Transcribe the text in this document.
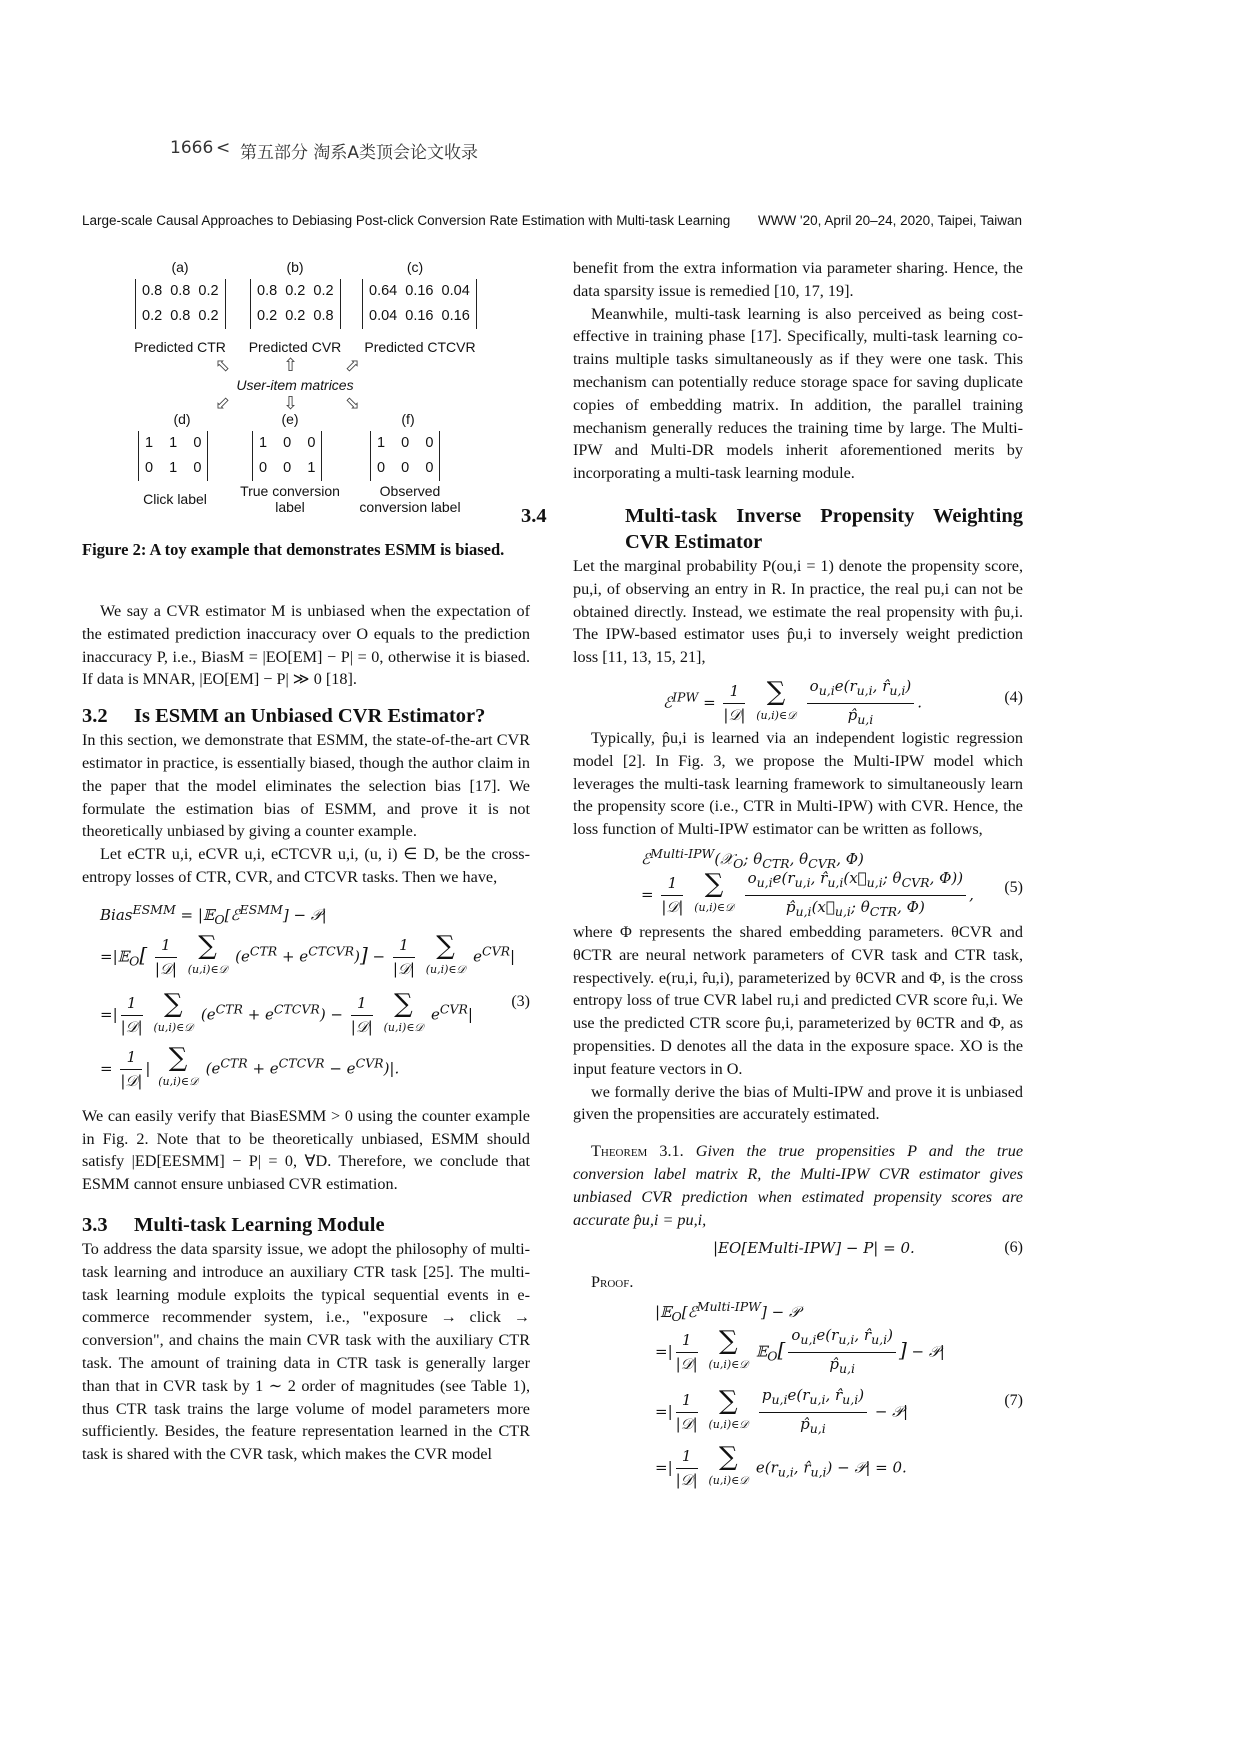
1666 < 第五部分 淘系A类顶会论文收录
Large-scale Causal Approaches to Debiasing Post-click Conversion Rate Estimation with Multi-task Learning WWW '20, April 20–24, 2020, Taipei, Taiwan
(a)	(b)	(c)
0.8  0.8  0.2
0.2  0.8  0.2
0.8  0.2  0.2
0.2  0.2  0.8
0.64  0.16  0.04
0.04  0.16  0.16
Predicted CTR	Predicted CVR	Predicted CTCVR
⬁	⇧	⬀
User-item matrices
⬃	⇩	⬂
(d)	(e)	(f)
1    1    0
0    1    0
1    0    0
0    0    1
1    0    0
0    0    0
Click label	True conversion label
Observed conversion label
Figure 2: A toy example that demonstrates ESMM is biased.

We say a CVR estimator M is unbiased when the expectation of the estimated prediction inaccuracy over O equals to the prediction inaccuracy P, i.e., BiasM = |EO[EM] − P| = 0, otherwise it is biased. If data is MNAR, |EO[EM] − P| ≫ 0 [18].

3.2 Is ESMM an Unbiased CVR Estimator?

In this section, we demonstrate that ESMM, the state-of-the-art CVR estimator in practice, is essentially biased, though the author claim in the paper that the model eliminates the selection bias [17]. We formulate the estimation bias of ESMM, and prove it is not theoretically unbiased by giving a counter example.

Let eCTR u,i, eCVR u,i, eCTCVR u,i, (u, i) ∈ D, be the cross-entropy losses of CTR, CVR, and CTCVR tasks. Then we have,

Bias$^{ESMM}$ = |𝔼$_O$[ℰ$^{ESMM}$] − 𝒫|
=|𝔼$_O$[ $\frac{1}{\text{|𝒟|}}$
∑
(u,i)∈𝒟
$(e^{CTR} + e^{CTCVR})] - \frac{1}{\text{|𝒟|}}$
∑
(u,i)∈𝒟
$e^{CVR}|$
=| $\frac{1}{\text{|𝒟|}}$
∑
(u,i)∈𝒟
$(e^{CTR} + e^{CTCVR}) - \frac{1}{\text{|𝒟|}}$
∑
(u,i)∈𝒟
$e^{CVR}|$
= $\frac{1}{\text{|𝒟|}}$ | ∑
(u,i)∈𝒟
$(e^{CTR} + e^{CTCVR} - e^{CVR})|$.
(3)

We can easily verify that BiasESMM > 0 using the counter example in Fig. 2. Note that to be theoretically unbiased, ESMM should satisfy |ED[EESMM] − P| = 0, ∀D. Therefore, we conclude that ESMM cannot ensure unbiased CVR estimation.

3.3 Multi-task Learning Module

To address the data sparsity issue, we adopt the philosophy of multi-task learning and introduce an auxiliary CTR task [25]. The multi-task learning module exploits the typical sequential events in e-commerce recommender system, i.e., "exposure → click → conversion", and chains the main CVR task with the auxiliary CTR task. The amount of training data in CTR task is generally larger than that in CVR task by 1 ∼ 2 order of magnitudes (see Table 1), thus CTR task trains the large volume of model parameters more sufficiently. Besides, the feature representation learned in the CTR task is shared with the CVR task, which makes the CVR model

benefit from the extra information via parameter sharing. Hence, the data sparsity issue is remedied [10, 17, 19].

Meanwhile, multi-task learning is also perceived as being cost-effective in training phase [17]. Specifically, multi-task learning co-trains multiple tasks simultaneously as if they were one task. This mechanism can potentially reduce storage space for saving duplicate copies of embedding matrix. In addition, the parallel training mechanism generally reduces the training time by large. The Multi-IPW and Multi-DR models inherit aforementioned merits by incorporating a multi-task learning module.

3.4	Multi-task Inverse Propensity Weighting CVR Estimator

Let the marginal probability P(ou,i = 1) denote the propensity score, pu,i, of observing an entry in R. In practice, the real pu,i can not be obtained directly. Instead, we estimate the real propensity with p̂u,i. The IPW-based estimator uses p̂u,i to inversely weight prediction loss [11, 13, 15, 21],

ℰ$^{IPW}$ = $\frac{1}{\text{|𝒟|}}$
∑
(u,i)∈𝒟
$\frac{o_{u,i}e(r_{u,i}, r̂_{u,i})}{p̂_{u,i}}$ .	(4)

Typically, p̂u,i is learned via an independent logistic regression model [2]. In Fig. 3, we propose the Multi-IPW model which leverages the multi-task learning framework to simultaneously learn the propensity score (i.e., CTR in Multi-IPW) with CVR. Hence, the loss function of Multi-IPW estimator can be written as follows,

ℰ$^{Multi-IPW}$(𝒳$_O$; $\theta_{CTR}$, $\theta_{CVR}$, Φ)
= $\frac{1}{\text{|𝒟|}}$
∑
(u,i)∈𝒟
$\frac{o_{u,i}e(r_{u,i}, r̂_{u,i}(x⃗_{u,i}; \theta_{CVR}, \Phi))}{p̂_{u,i}(x⃗_{u,i}; \theta_{CTR}, \Phi)}$ , (5)

where Φ represents the shared embedding parameters. θCVR and θCTR are neural network parameters of CVR task and CTR task, respectively. e(ru,i, r̂u,i), parameterized by θCVR and Φ, is the cross entropy loss of true CVR label ru,i and predicted CVR score r̂u,i. We use the predicted CTR score p̂u,i, parameterized by θCTR and Φ, as propensities. D denotes all the data in the exposure space. XO is the input feature vectors in O.

we formally derive the bias of Multi-IPW and prove it is unbiased given the propensities are accurately estimated.

Theorem 3.1. Given the true propensities P and the true conversion label matrix R, the Multi-IPW CVR estimator gives unbiased CVR prediction when estimated propensity scores are accurate p̂u,i = pu,i,

|EO[EMulti-IPW] − P| = 0.	(6)

Proof.

|𝔼$_O$[ℰ$^{Multi-IPW}$] − 𝒫
=| $\frac{1}{\text{|𝒟|}}$
∑
(u,i)∈𝒟
𝔼$_O$[ $\frac{o_{u,i}e(r_{u,i}, r̂_{u,i})}{p̂_{u,i}}$ ] − 𝒫|
=| $\frac{1}{\text{|𝒟|}}$
∑
(u,i)∈𝒟
$\frac{p_{u,i}e(r_{u,i}, r̂_{u,i})}{p̂_{u,i}}$ − 𝒫|
=| $\frac{1}{\text{|𝒟|}}$
∑
(u,i)∈𝒟
$e(r_{u,i}$, $r̂_{u,i}$) − 𝒫| = 0.
(7)
